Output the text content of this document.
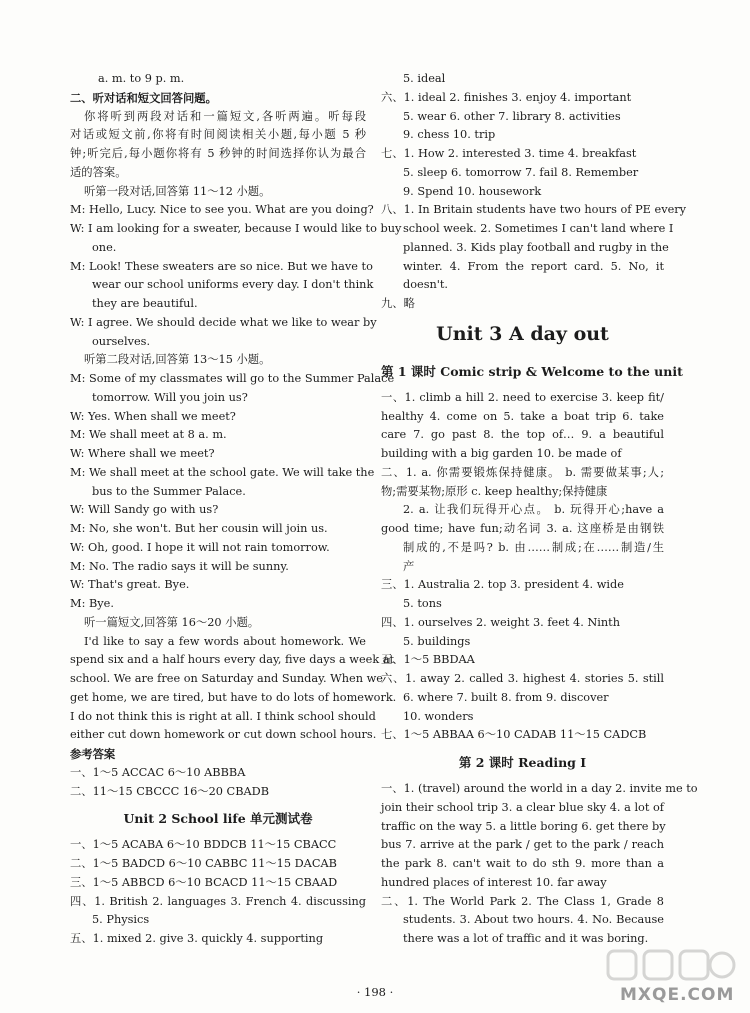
a. m. to 9 p. m.
二、听对话和短文回答问题。
你将听到两段对话和一篇短文,各听两遍。听每段
对话或短文前,你将有时间阅读相关小题,每小题 5 秒
钟;听完后,每小题你将有 5 秒钟的时间选择你认为最合
适的答案。
听第一段对话,回答第 11～12 小题。
M: Hello, Lucy. Nice to see you. What are you doing?
W: I am looking for a sweater, because I would like to buy
one.
M: Look! These sweaters are so nice. But we have to
wear our school uniforms every day. I don't think
they are beautiful.
W: I agree. We should decide what we like to wear by
ourselves.
听第二段对话,回答第 13～15 小题。
M: Some of my classmates will go to the Summer Palace
tomorrow. Will you join us?
W: Yes. When shall we meet?
M: We shall meet at 8 a. m.
W: Where shall we meet?
M: We shall meet at the school gate. We will take the
bus to the Summer Palace.
W: Will Sandy go with us?
M: No, she won't. But her cousin will join us.
W: Oh, good. I hope it will not rain tomorrow.
M: No. The radio says it will be sunny.
W: That's great. Bye.
M: Bye.
听一篇短文,回答第 16～20 小题。
I'd like to say a few words about homework. We
spend six and a half hours every day, five days a week at
school. We are free on Saturday and Sunday. When we
get home, we are tired, but have to do lots of homework.
I do not think this is right at all. I think school should
either cut down homework or cut down school hours.
参考答案
一、1～5 ACCAC 6～10 ABBBA
二、11～15 CBCCC 16～20 CBADB
Unit 2 School life 单元测试卷
一、1～5 ACABA 6～10 BDDCB 11～15 CBACC
二、1～5 BADCD 6～10 CABBC 11～15 DACAB
三、1～5 ABBCD 6～10 BCACD 11～15 CBAAD
四、1. British 2. languages 3. French 4. discussing
5. Physics
五、1. mixed 2. give 3. quickly 4. supporting
5. ideal
六、1. ideal 2. finishes 3. enjoy 4. important
5. wear 6. other 7. library 8. activities
9. chess 10. trip
七、1. How 2. interested 3. time 4. breakfast
5. sleep 6. tomorrow 7. fail 8. Remember
9. Spend 10. housework
八、1. In Britain students have two hours of PE every
school week. 2. Sometimes I can't land where I
planned. 3. Kids play football and rugby in the
winter. 4. From the report card. 5. No, it
doesn't.
九、略
Unit 3 A day out
第 1 课时 Comic strip & Welcome to the unit
一、1. climb a hill 2. need to exercise 3. keep fit/
healthy 4. come on 5. take a boat trip 6. take
care 7. go past 8. the top of… 9. a beautiful
building with a big garden 10. be made of
二、1. a. 你需要锻炼保持健康。 b. 需要做某事;人;
物;需要某物;原形 c. keep healthy;保持健康
2. a. 让我们玩得开心点。 b. 玩得开心;have a
good time; have fun;动名词 3. a. 这座桥是由钢铁
制成的,不是吗? b. 由……制成;在……制造/生
产
三、1. Australia 2. top 3. president 4. wide
5. tons
四、1. ourselves 2. weight 3. feet 4. Ninth
5. buildings
五、1～5 BBDAA
六、1. away 2. called 3. highest 4. stories 5. still
6. where 7. built 8. from 9. discover
10. wonders
七、1～5 ABBAA 6～10 CADAB 11～15 CADCB
第 2 课时 Reading Ⅰ
一、1. (travel) around the world in a day 2. invite me to
join their school trip 3. a clear blue sky 4. a lot of
traffic on the way 5. a little boring 6. get there by
bus 7. arrive at the park / get to the park / reach
the park 8. can't wait to do sth 9. more than a
hundred places of interest 10. far away
二、1. The World Park 2. The Class 1, Grade 8
students. 3. About two hours. 4. No. Because
there was a lot of traffic and it was boring.
· 198 ·	MXQE.COM
